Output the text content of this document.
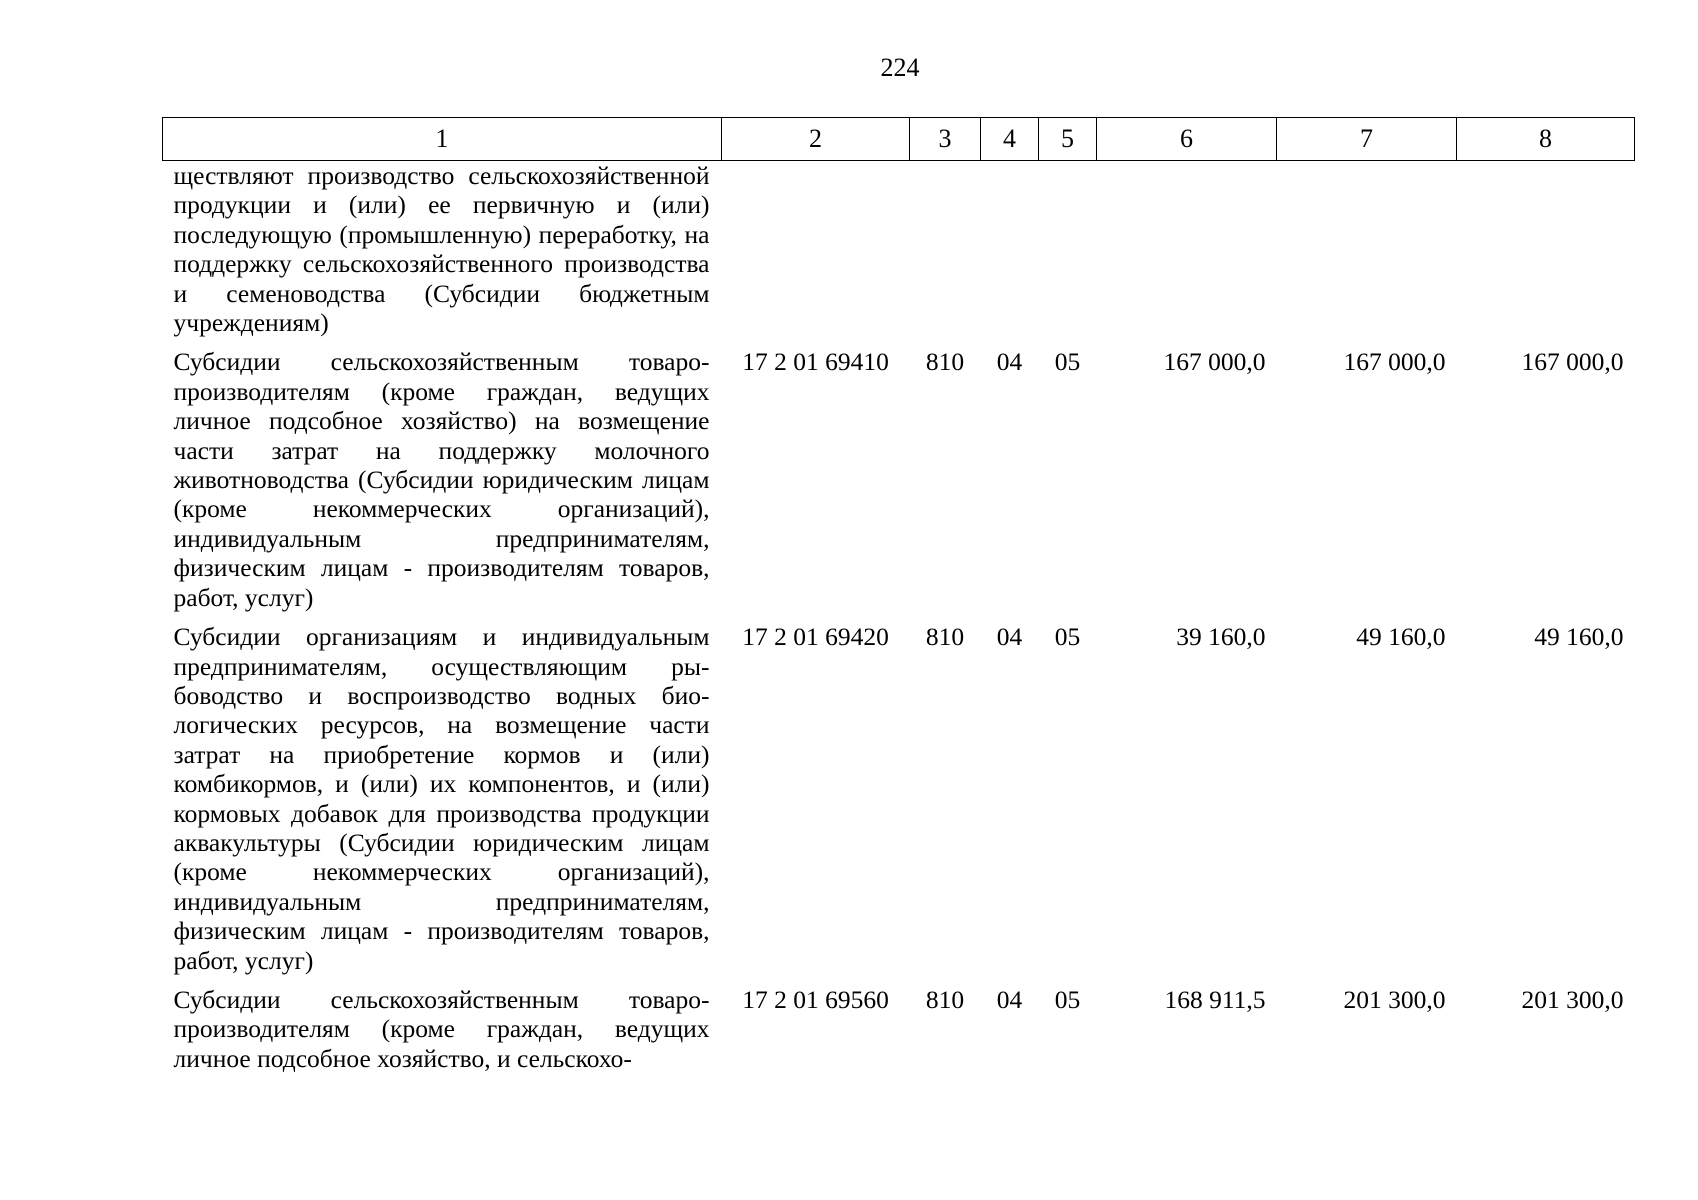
224
1	2	3	4	5	6	7	8
ществляют производство сельскохозяйственной продукции и (или) ее первичную и (или) последующую (промышленную) переработку, на поддержку сельскохозяйственного производства и семеноводства (Субсидии бюджетным учреждениям)							
Субсидии сельскохозяйственным товаропроизводителям (кроме граждан, ведущих личное подсобное хозяйство) на возмещение части затрат на поддержку молочного животноводства (Субсидии юридическим лицам (кроме некоммерческих организаций), индивидуальным предпринимателям, физическим лицам - производителям товаров, работ, услуг)	17 2 01 69410	810	04	05	167 000,0	167 000,0	167 000,0
Субсидии организациям и индивидуальным предпринимателям, осуществляющим рыбоводство и воспроизводство водных биологических ресурсов, на возмещение части затрат на приобретение кормов и (или) комбикормов, и (или) их компонентов, и (или) кормовых добавок для производства продукции аквакультуры (Субсидии юридическим лицам (кроме некоммерческих организаций), индивидуальным предпринимателям, физическим лицам - производителям товаров, работ, услуг)	17 2 01 69420	810	04	05	39 160,0	49 160,0	49 160,0
Субсидии сельскохозяйственным товаропроизводителям (кроме граждан, ведущих личное подсобное хозяйство, и сельскохо-	17 2 01 69560	810	04	05	168 911,5	201 300,0	201 300,0
